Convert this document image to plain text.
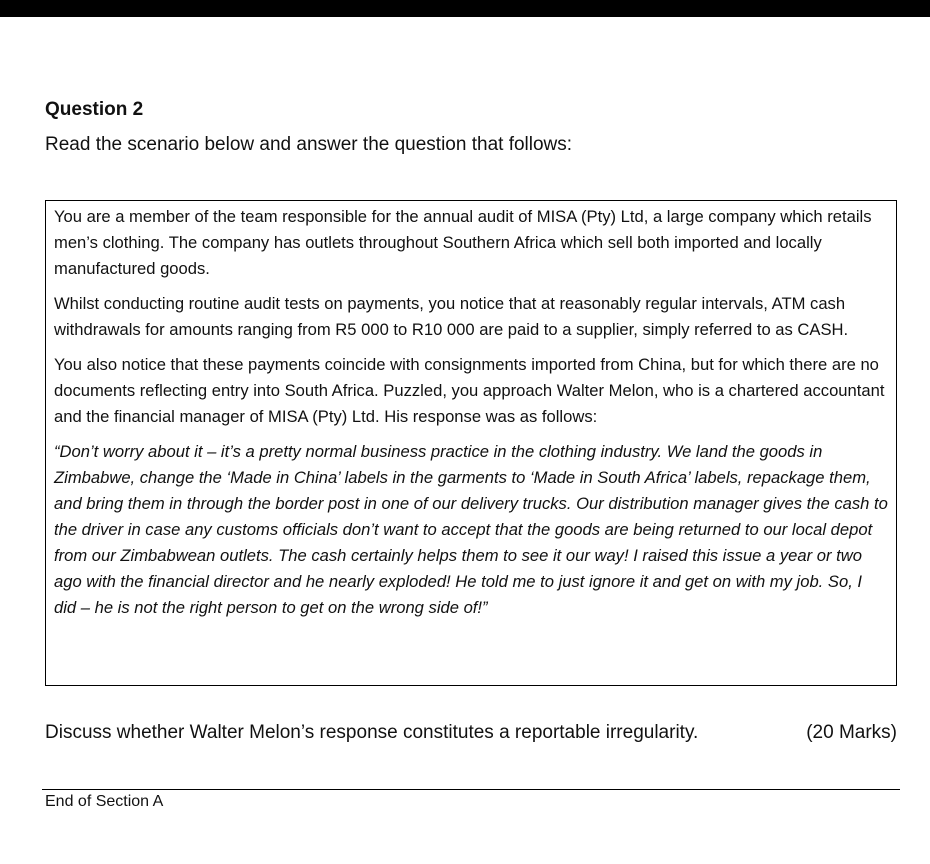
Question 2

Read the scenario below and answer the question that follows:

You are a member of the team responsible for the annual audit of MISA (Pty) Ltd, a large company which retails men’s clothing. The company has outlets throughout Southern Africa which sell both imported and locally manufactured goods.

Whilst conducting routine audit tests on payments, you notice that at reasonably regular intervals, ATM cash withdrawals for amounts ranging from R5 000 to R10 000 are paid to a supplier, simply referred to as CASH.

You also notice that these payments coincide with consignments imported from China, but for which there are no documents reflecting entry into South Africa. Puzzled, you approach Walter Melon, who is a chartered accountant and the financial manager of MISA (Pty) Ltd. His response was as follows:

“Don’t worry about it – it’s a pretty normal business practice in the clothing industry. We land the goods in Zimbabwe, change the ‘Made in China’ labels in the garments to ‘Made in South Africa’ labels, repackage them, and bring them in through the border post in one of our delivery trucks. Our distribution manager gives the cash to the driver in case any customs officials don’t want to accept that the goods are being returned to our local depot from our Zimbabwean outlets. The cash certainly helps them to see it our way! I raised this issue a year or two ago with the financial director and he nearly exploded! He told me to just ignore it and get on with my job. So, I did – he is not the right person to get on the wrong side of!”

Discuss whether Walter Melon’s response constitutes a reportable irregularity.	(20 Marks)

End of Section A
